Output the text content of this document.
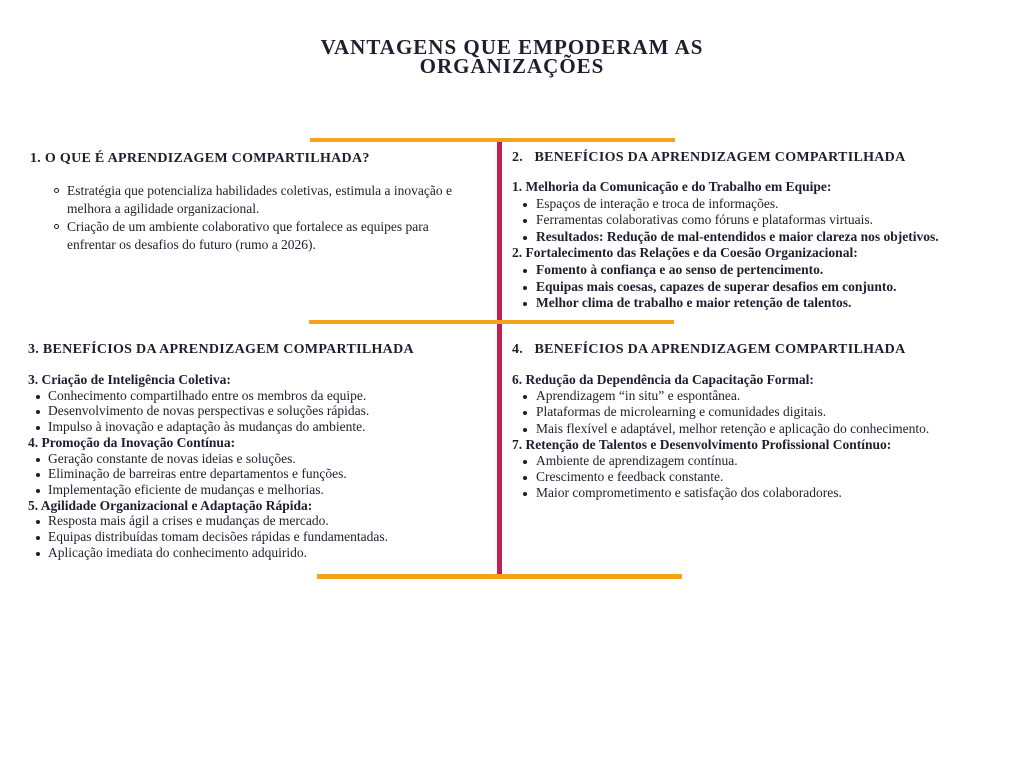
VANTAGENS QUE EMPODERAM AS
ORGANIZAÇÕES
1. O QUE É APRENDIZAGEM COMPARTILHADA?
Estratégia que potencializa habilidades coletivas, estimula a inovação e melhora a agilidade organizacional.
Criação de um ambiente colaborativo que fortalece as equipes para enfrentar os desafios do futuro (rumo a 2026).
2.   BENEFÍCIOS DA APRENDIZAGEM COMPARTILHADA
1. Melhoria da Comunicação e do Trabalho em Equipe:
Espaços de interação e troca de informações.
Ferramentas colaborativas como fóruns e plataformas virtuais.
Resultados: Redução de mal-entendidos e maior clareza nos objetivos.
2. Fortalecimento das Relações e da Coesão Organizacional:
Fomento à confiança e ao senso de pertencimento.
Equipas mais coesas, capazes de superar desafios em conjunto.
Melhor clima de trabalho e maior retenção de talentos.
3. BENEFÍCIOS DA APRENDIZAGEM COMPARTILHADA
3. Criação de Inteligência Coletiva:
Conhecimento compartilhado entre os membros da equipe.
Desenvolvimento de novas perspectivas e soluções rápidas.
Impulso à inovação e adaptação às mudanças do ambiente.
4. Promoção da Inovação Contínua:
Geração constante de novas ideias e soluções.
Eliminação de barreiras entre departamentos e funções.
Implementação eficiente de mudanças e melhorias.
5. Agilidade Organizacional e Adaptação Rápida:
Resposta mais ágil a crises e mudanças de mercado.
Equipas distribuídas tomam decisões rápidas e fundamentadas.
Aplicação imediata do conhecimento adquirido.
4.   BENEFÍCIOS DA APRENDIZAGEM COMPARTILHADA
6. Redução da Dependência da Capacitação Formal:
Aprendizagem “in situ” e espontânea.
Plataformas de microlearning e comunidades digitais.
Mais flexível e adaptável, melhor retenção e aplicação do conhecimento.
7. Retenção de Talentos e Desenvolvimento Profissional Contínuo:
Ambiente de aprendizagem contínua.
Crescimento e feedback constante.
Maior comprometimento e satisfação dos colaboradores.
